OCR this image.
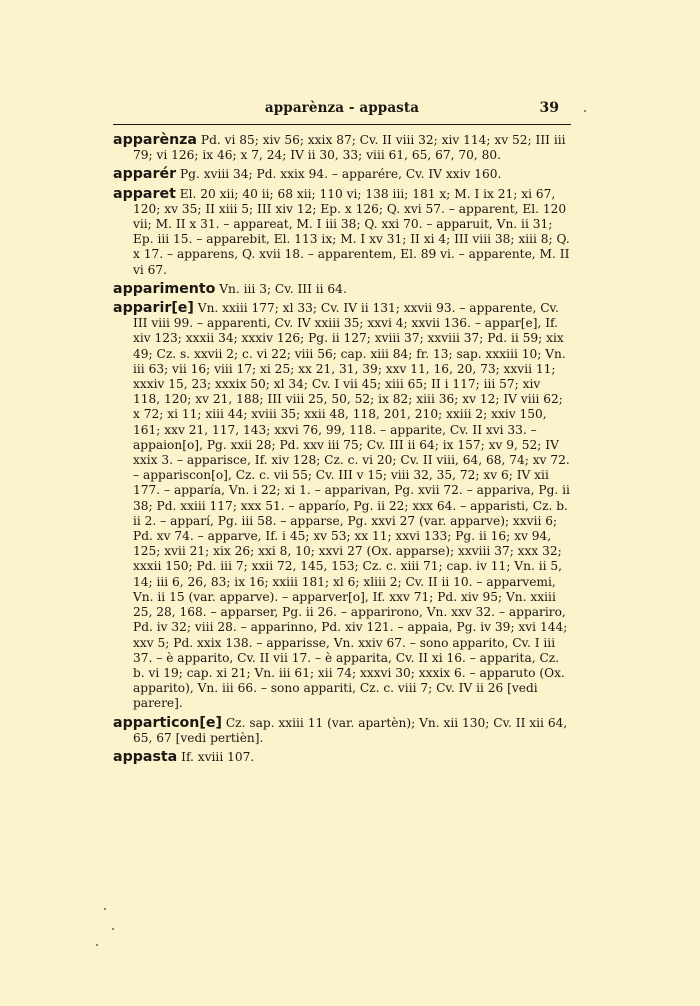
apparènza - appasta	39

apparènza Pd. vi 85; xiv 56; xxix 87; Cv. II viii 32; xiv 114; xv 52; III iii 79; vi 126; ix 46; x 7, 24; IV ii 30, 33; viii 61, 65, 67, 70, 80.

apparér Pg. xviii 34; Pd. xxix 94. – apparére, Cv. IV xxiv 160.

apparet El. 20 xii; 40 ii; 68 xii; 110 vi; 138 iii; 181 x; M. I ix 21; xi 67, 120; xv 35; II xiii 5; III xiv 12; Ep. x 126; Q. xvi 57. – apparent, El. 120 vii; M. II x 31. – appareat, M. I iii 38; Q. xxi 70. – apparuit, Vn. ii 31; Ep. iii 15. – apparebit, El. 113 ix; M. I xv 31; II xi 4; III viii 38; xiii 8; Q. x 17. – apparens, Q. xvii 18. – apparentem, El. 89 vi. – apparente, M. II vi 67.

apparimento Vn. iii 3; Cv. III ii 64.

apparir[e] Vn. xxiii 177; xl 33; Cv. IV ii 131; xxvii 93. – apparente, Cv. III viii 99. – apparenti, Cv. IV xxiii 35; xxvi 4; xxvii 136. – appar[e], If. xiv 123; xxxii 34; xxxiv 126; Pg. ii 127; xviii 37; xxviii 37; Pd. ii 59; xix 49; Cz. s. xxvii 2; c. vi 22; viii 56; cap. xiii 84; fr. 13; sap. xxxiii 10; Vn. iii 63; vii 16; viii 17; xi 25; xx 21, 31, 39; xxv 11, 16, 20, 73; xxvii 11; xxxiv 15, 23; xxxix 50; xl 34; Cv. I vii 45; xiii 65; II i 117; iii 57; xiv 118, 120; xv 21, 188; III viii 25, 50, 52; ix 82; xiii 36; xv 12; IV viii 62; x 72; xi 11; xiii 44; xviii 35; xxii 48, 118, 201, 210; xxiii 2; xxiv 150, 161; xxv 21, 117, 143; xxvi 76, 99, 118. – apparite, Cv. II xvi 33. – appaion[o], Pg. xxii 28; Pd. xxv iii 75; Cv. III ii 64; ix 157; xv 9, 52; IV xxix 3. – apparisce, If. xiv 128; Cz. c. vi 20; Cv. II viii, 64, 68, 74; xv 72. – appariscon[o], Cz. c. vii 55; Cv. III v 15; viii 32, 35, 72; xv 6; IV xii 177. – apparía, Vn. i 22; xi 1. – apparivan, Pg. xvii 72. – appariva, Pg. ii 38; Pd. xxiii 117; xxx 51. – apparío, Pg. ii 22; xxx 64. – apparisti, Cz. b. ii 2. – apparí, Pg. iii 58. – apparse, Pg. xxvi 27 (var. apparve); xxvii 6; Pd. xv 74. – apparve, If. i 45; xv 53; xx 11; xxvi 133; Pg. ii 16; xv 94, 125; xvii 21; xix 26; xxi 8, 10; xxvi 27 (Ox. apparse); xxviii 37; xxx 32; xxxii 150; Pd. iii 7; xxii 72, 145, 153; Cz. c. xiii 71; cap. iv 11; Vn. ii 5, 14; iii 6, 26, 83; ix 16; xxiii 181; xl 6; xliii 2; Cv. II ii 10. – apparvemi, Vn. ii 15 (var. apparve). – apparver[o], If. xxv 71; Pd. xiv 95; Vn. xxiii 25, 28, 168. – apparser, Pg. ii 26. – apparirono, Vn. xxv 32. – appariro, Pd. iv 32; viii 28. – apparinno, Pd. xiv 121. – appaia, Pg. iv 39; xvi 144; xxv 5; Pd. xxix 138. – apparisse, Vn. xxiv 67. – sono apparito, Cv. I iii 37. – è apparito, Cv. II vii 17. – è apparita, Cv. II xi 16. – apparita, Cz. b. vi 19; cap. xi 21; Vn. iii 61; xii 74; xxxvi 30; xxxix 6. – apparuto (Ox. apparito), Vn. iii 66. – sono appariti, Cz. c. viii 7; Cv. IV ii 26 [vedi parere].

apparticon[e] Cz. sap. xxiii 11 (var. apartèn); Vn. xii 130; Cv. II xii 64, 65, 67 [vedi pertièn].

appasta If. xviii 107.
